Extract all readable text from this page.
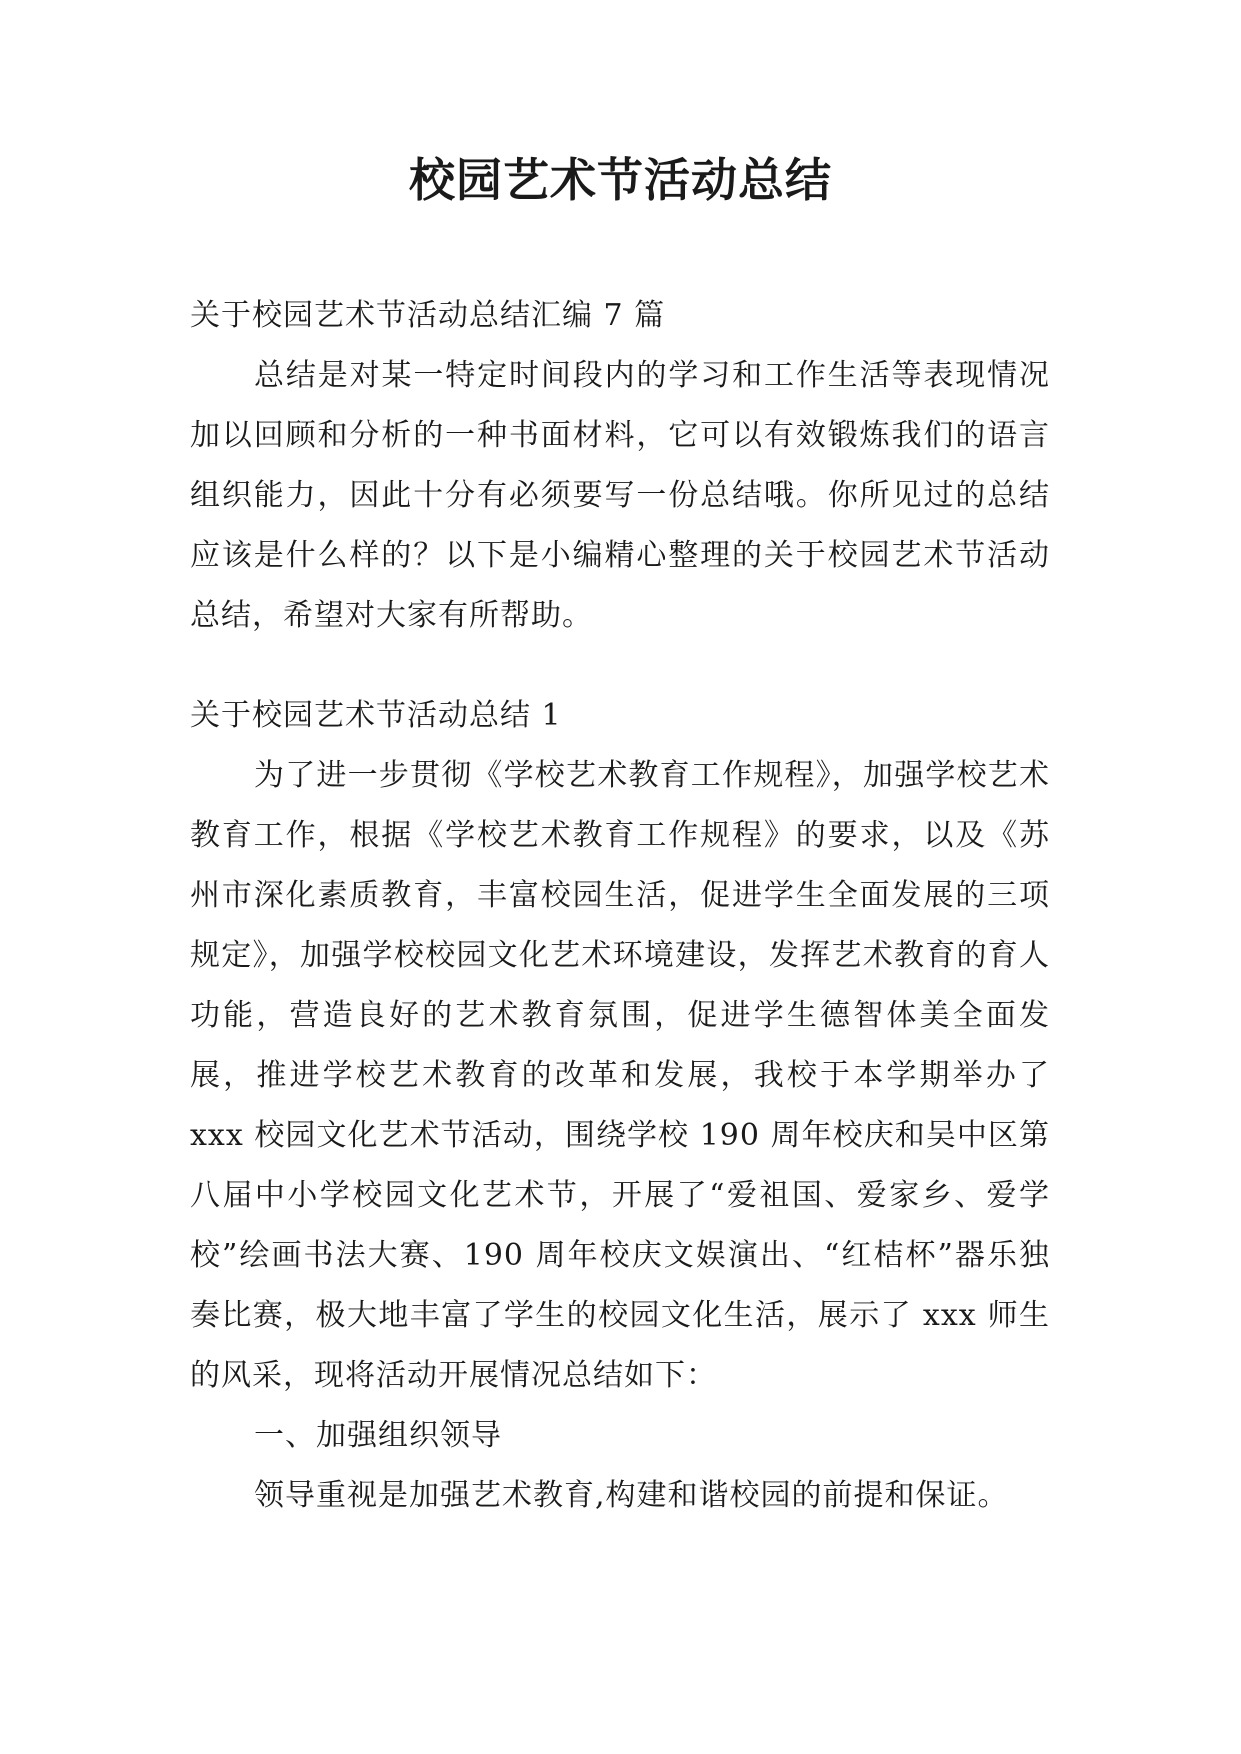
校园艺术节活动总结

关于校园艺术节活动总结汇编 7 篇

总结是对某一特定时间段内的学习和工作生活等表现情况加以回顾和分析的一种书面材料，它可以有效锻炼我们的语言组织能力，因此十分有必须要写一份总结哦。你所见过的总结应该是什么样的？以下是小编精心整理的关于校园艺术节活动总结，希望对大家有所帮助。

关于校园艺术节活动总结 1

为了进一步贯彻《学校艺术教育工作规程》，加强学校艺术教育工作，根据《学校艺术教育工作规程》的要求，以及《苏州市深化素质教育，丰富校园生活，促进学生全面发展的三项规定》，加强学校校园文化艺术环境建设，发挥艺术教育的育人功能，营造良好的艺术教育氛围，促进学生德智体美全面发展，推进学校艺术教育的改革和发展，我校于本学期举办了 xxx 校园文化艺术节活动，围绕学校 190 周年校庆和吴中区第八届中小学校园文化艺术节，开展了“爱祖国、爱家乡、爱学校”绘画书法大赛、190 周年校庆文娱演出、“红桔杯”器乐独奏比赛，极大地丰富了学生的校园文化生活，展示了 xxx 师生的风采，现将活动开展情况总结如下：

一、加强组织领导

领导重视是加强艺术教育,构建和谐校园的前提和保证。
